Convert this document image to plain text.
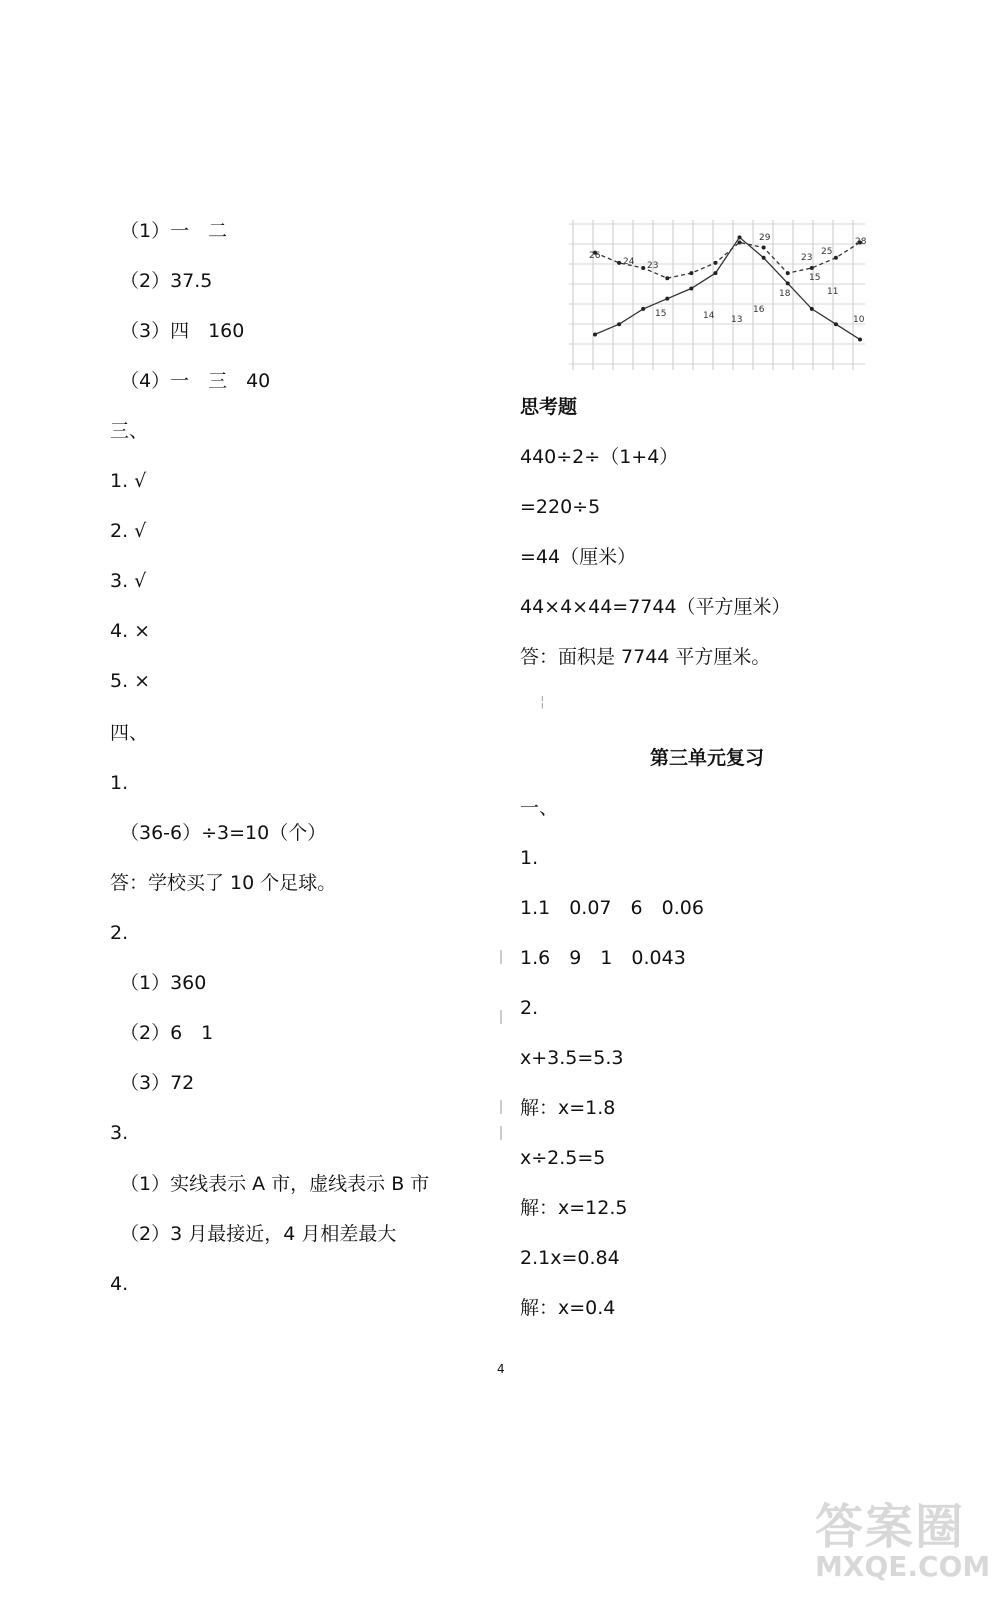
（1）一　二
（2）37.5
（3）四　160
（4）一　三　40
三、
1. √
2. √
3. √
4. ×
5. ×
四、
1.
（36-6）÷3=10（个）
答：学校买了 10 个足球。
2.
（1）360
（2）6　1
（3）72
3.
（1）实线表示 A 市，虚线表示 B 市
（2）3 月最接近，4 月相差最大
4.
26
24 23
15	14 13
16
29	28
25
23
18
15
11
10
思考题
440÷2÷（1+4）
=220÷5
=44（厘米）
44×4×44=7744（平方厘米）
答：面积是 7744 平方厘米。
第三单元复习
一、
1.
1.1　0.07　6　0.06
1.6　9　1　0.043
2.
x+3.5=5.3
解：x=1.8
x÷2.5=5
解：x=12.5
2.1x=0.84
解：x=0.4
¦
4
答案圈
MXQE.COM
